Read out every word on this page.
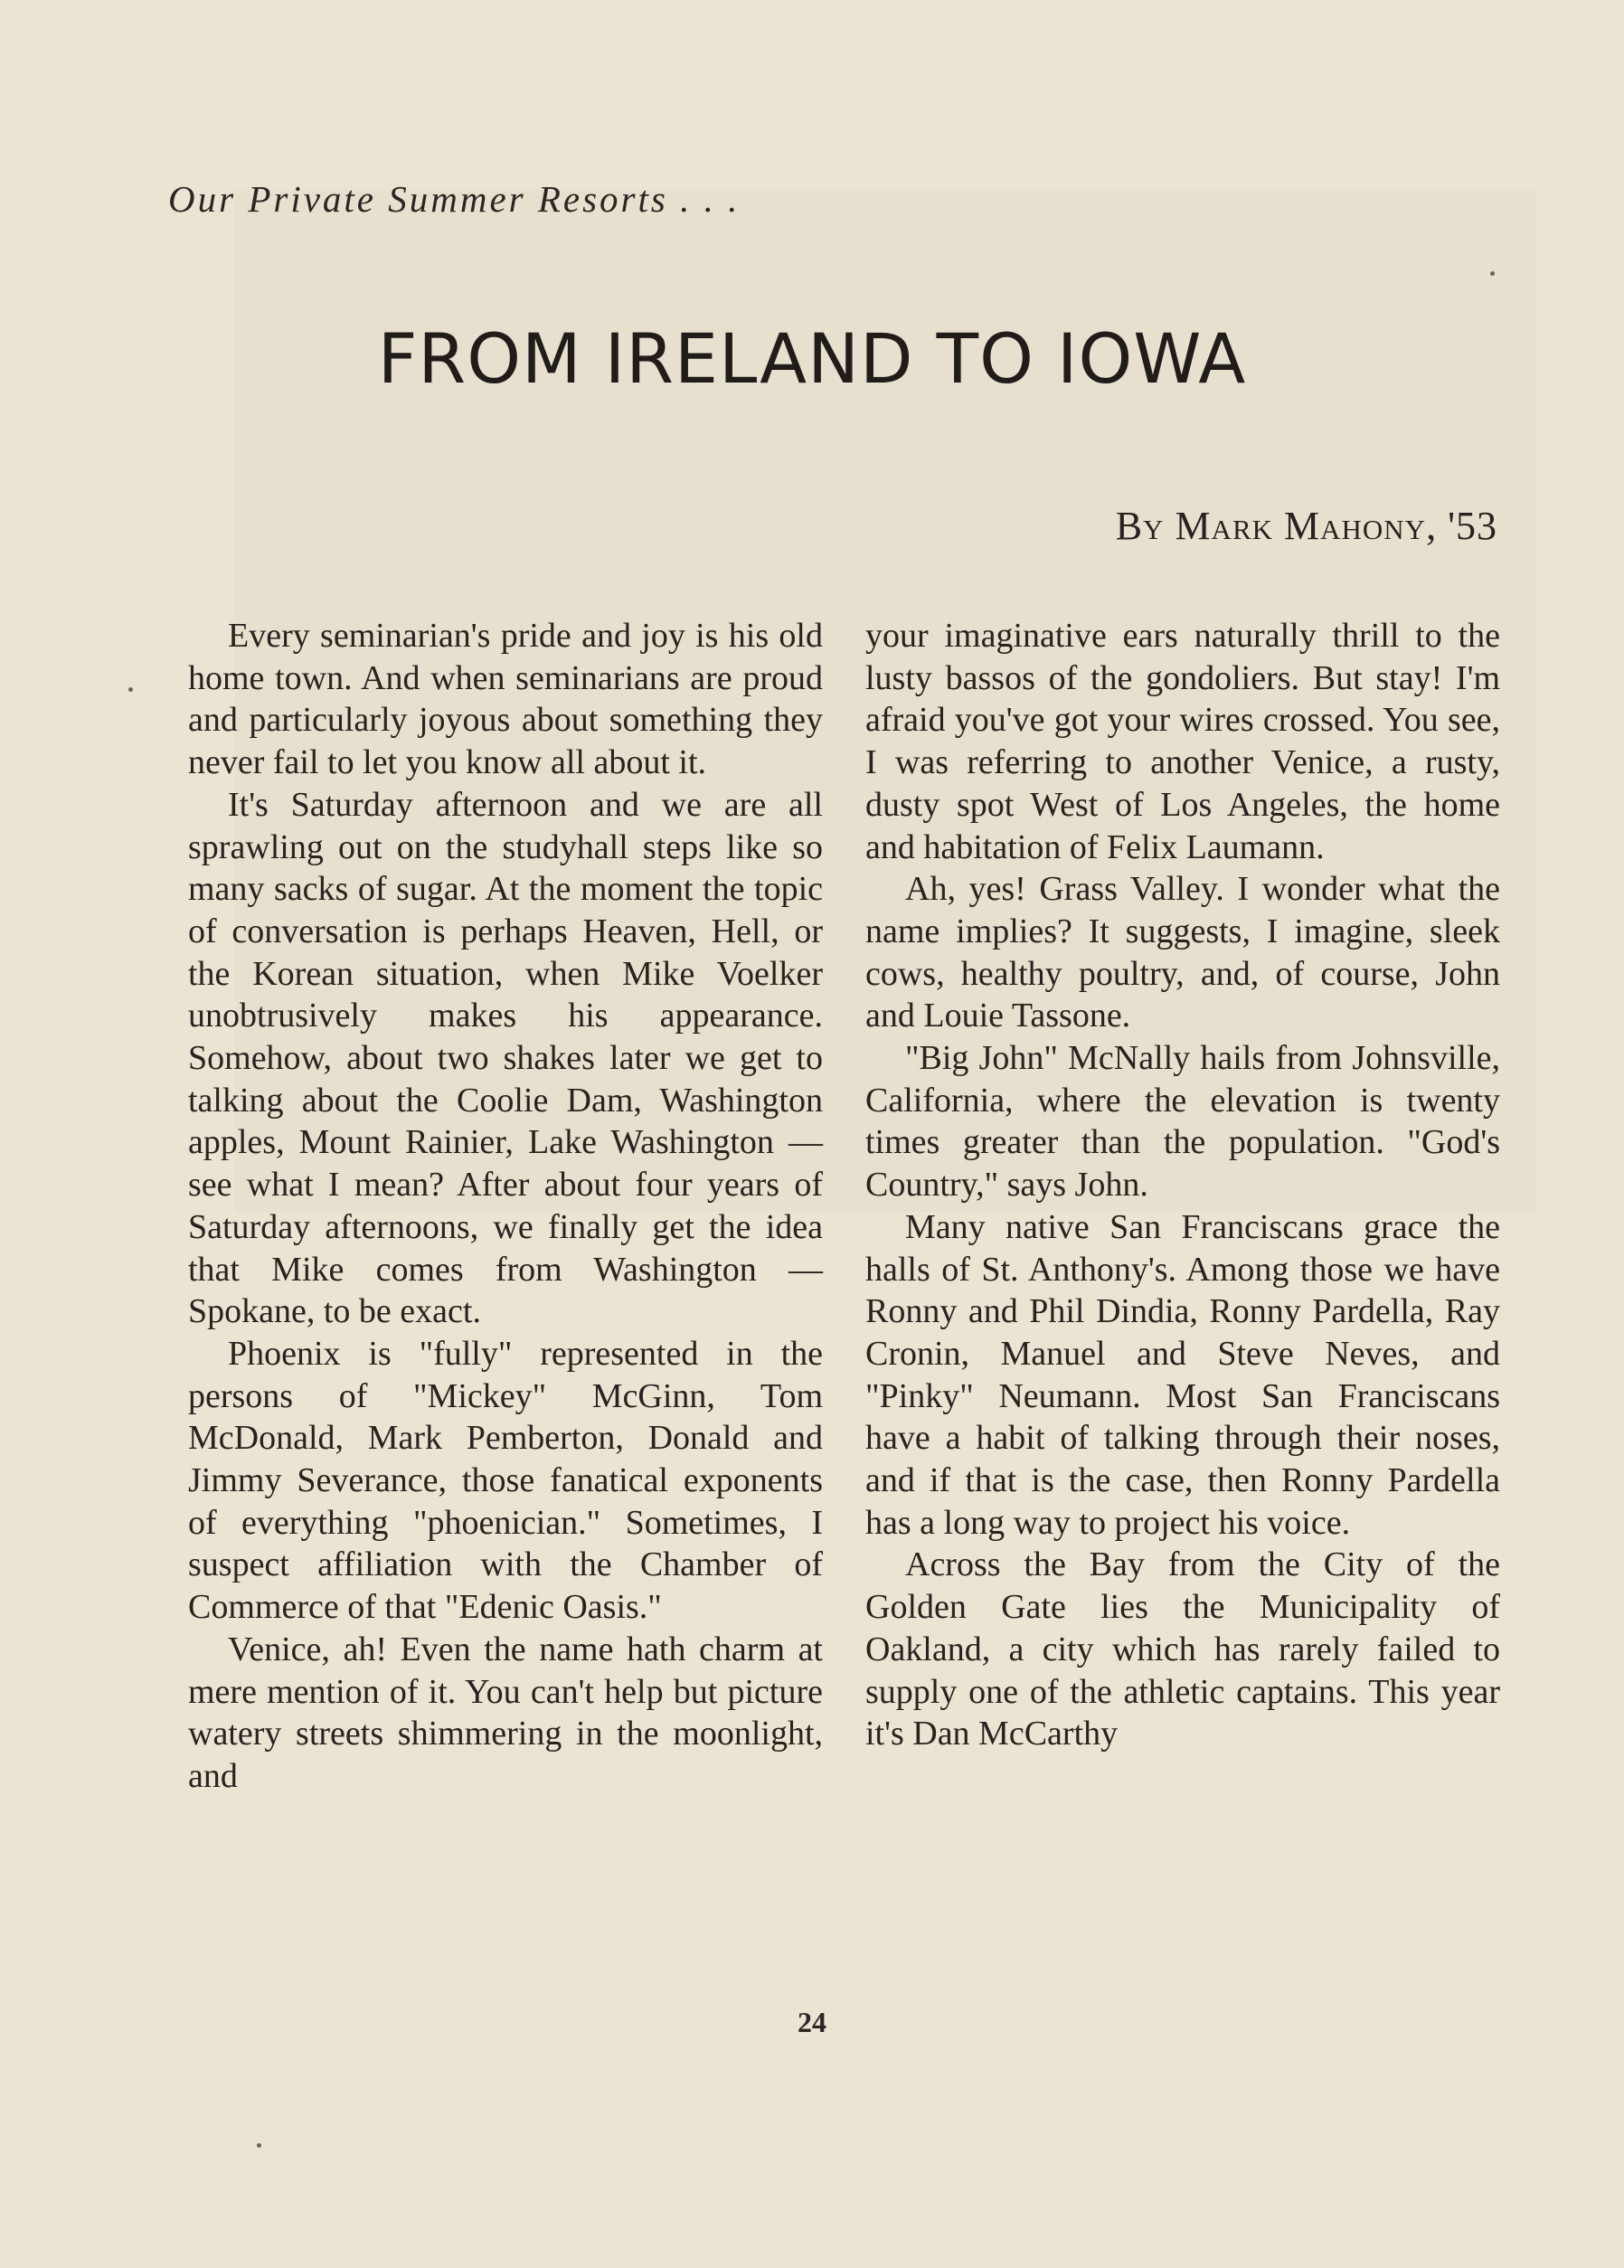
Our Private Summer Resorts . . .
FROM IRELAND TO IOWA
By Mark Mahony, '53

Every seminarian's pride and joy is his old home town. And when seminarians are proud and particularly joyous about something they never fail to let you know all about it.

It's Saturday afternoon and we are all sprawling out on the studyhall steps like so many sacks of sugar. At the moment the topic of conversation is perhaps Heaven, Hell, or the Korean situation, when Mike Voelker unobtrusively makes his appearance. Somehow, about two shakes later we get to talking about the Coolie Dam, Washington apples, Mount Rainier, Lake Washington — see what I mean? After about four years of Saturday afternoons, we finally get the idea that Mike comes from Washington — Spokane, to be exact.

Phoenix is "fully" represented in the persons of "Mickey" McGinn, Tom McDonald, Mark Pemberton, Donald and Jimmy Severance, those fanatical exponents of everything "phoenician." Sometimes, I suspect affiliation with the Chamber of Commerce of that "Edenic Oasis."

Venice, ah! Even the name hath charm at mere mention of it. You can't help but picture watery streets shimmering in the moonlight, and

your imaginative ears naturally thrill to the lusty bassos of the gondoliers. But stay! I'm afraid you've got your wires crossed. You see, I was referring to another Venice, a rusty, dusty spot West of Los Angeles, the home and habitation of Felix Laumann.

Ah, yes! Grass Valley. I wonder what the name implies? It suggests, I imagine, sleek cows, healthy poultry, and, of course, John and Louie Tassone.

"Big John" McNally hails from Johnsville, California, where the elevation is twenty times greater than the population. "God's Country," says John.

Many native San Franciscans grace the halls of St. Anthony's. Among those we have Ronny and Phil Dindia, Ronny Pardella, Ray Cronin, Manuel and Steve Neves, and "Pinky" Neumann. Most San Franciscans have a habit of talking through their noses, and if that is the case, then Ronny Pardella has a long way to project his voice.

Across the Bay from the City of the Golden Gate lies the Municipality of Oakland, a city which has rarely failed to supply one of the athletic captains. This year it's Dan McCarthy

24
